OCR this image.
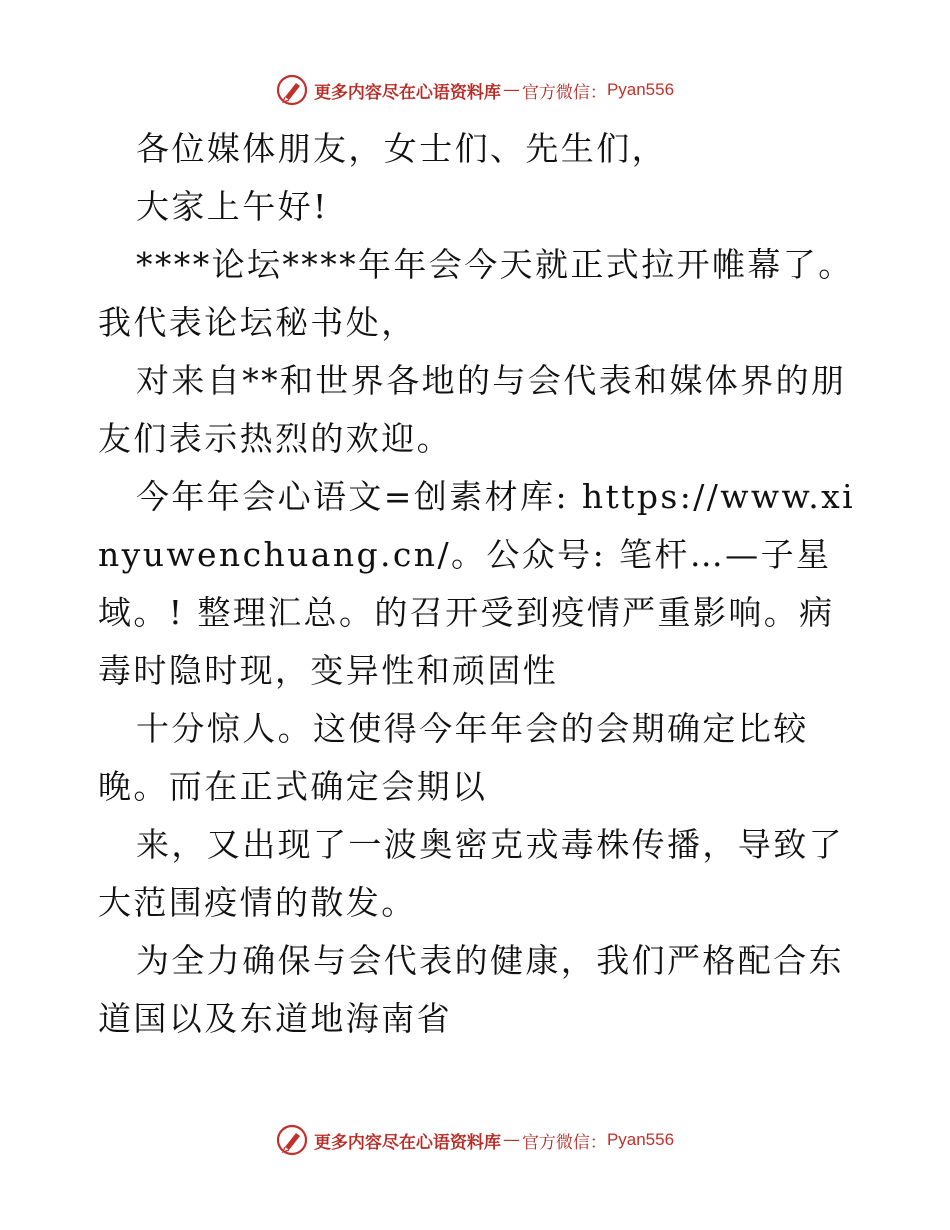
更多内容尽在心语资料库 — 官方微信： Pyan556

各位媒体朋友，女士们、先生们，

大家上午好!

****论坛****年年会今天就正式拉开帷幕了。我代表论坛秘书处，

对来自**和世界各地的与会代表和媒体界的朋友们表示热烈的欢迎。

今年年会心语文=创素材库: https://www.xinyuwenchuang.cn/。公众号: 笔杆…—子星域。! 整理汇总。的召开受到疫情严重影响。病毒时隐时现，变异性和顽固性

十分惊人。这使得今年年会的会期确定比较晚。而在正式确定会期以

来，又出现了一波奥密克戎毒株传播，导致了大范围疫情的散发。

为全力确保与会代表的健康，我们严格配合东道国以及东道地海南省

更多内容尽在心语资料库 — 官方微信： Pyan556
